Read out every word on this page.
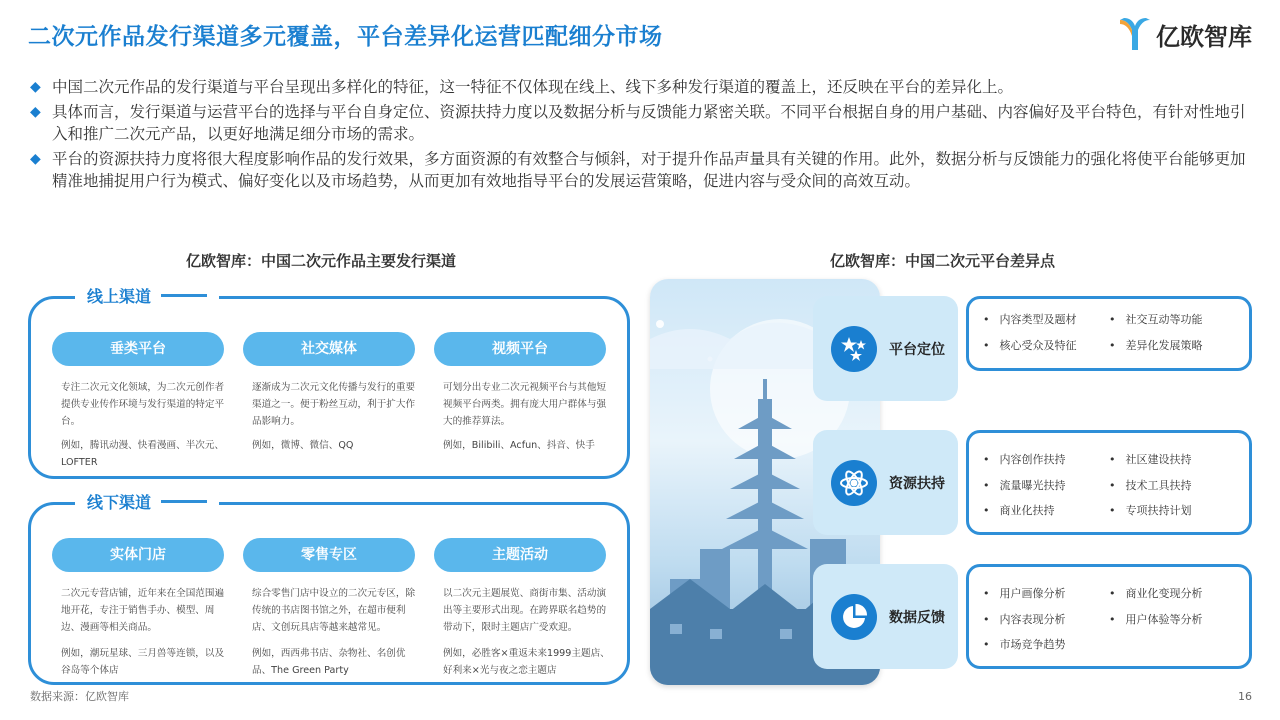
二次元作品发行渠道多元覆盖，平台差异化运营匹配细分市场	亿欧智库
◆ 中国二次元作品的发行渠道与平台呈现出多样化的特征，这一特征不仅体现在线上、线下多种发行渠道的覆盖上，还反映在平台的差异化上。
◆ 具体而言，发行渠道与运营平台的选择与平台自身定位、资源扶持力度以及数据分析与反馈能力紧密关联。不同平台根据自身的用户基础、内容偏好及平台特色，有针对性地引入和推广二次元产品，以更好地满足细分市场的需求。
◆ 平台的资源扶持力度将很大程度影响作品的发行效果，多方面资源的有效整合与倾斜，对于提升作品声量具有关键的作用。此外，数据分析与反馈能力的强化将使平台能够更加精准地捕捉用户行为模式、偏好变化以及市场趋势，从而更加有效地指导平台的发展运营策略，促进内容与受众间的高效互动。
亿欧智库：中国二次元作品主要发行渠道	亿欧智库：中国二次元平台差异点
线上渠道
垂类平台
专注二次元文化领域，为二次元创作者提供专业传作环境与发行渠道的特定平台。
例如，腾讯动漫、快看漫画、半次元、LOFTER
社交媒体
逐渐成为二次元文化传播与发行的重要渠道之一。便于粉丝互动，利于扩大作品影响力。
例如，微博、微信、QQ
视频平台
可划分出专业二次元视频平台与其他短视频平台两类。拥有庞大用户群体与强大的推荐算法。
例如，Bilibili、Acfun、抖音、快手
线下渠道
实体门店
二次元专营店铺，近年来在全国范围遍地开花，专注于销售手办、模型、周边、漫画等相关商品。
例如，潮玩星球、三月兽等连锁，以及谷岛等个体店
零售专区
综合零售门店中设立的二次元专区，除传统的书店图书馆之外，在超市便利店、文创玩具店等越来越常见。
例如，西西弗书店、杂物社、名创优品、The Green Party
主题活动
以二次元主题展览、商街市集、活动演出等主要形式出现。在跨界联名趋势的带动下，限时主题店广受欢迎。
例如，必胜客×重返未来1999主题店、好利来×光与夜之恋主题店
平台定位
资源扶持
数据反馈
• 内容类型及题材	• 社交互动等功能
• 核心受众及特征	• 差异化发展策略
• 内容创作扶持	• 社区建设扶持
• 流量曝光扶持	• 技术工具扶持
• 商业化扶持	• 专项扶持计划
• 用户画像分析	• 商业化变现分析
• 内容表现分析	• 用户体验等分析
• 市场竞争趋势
数据来源：亿欧智库	16
